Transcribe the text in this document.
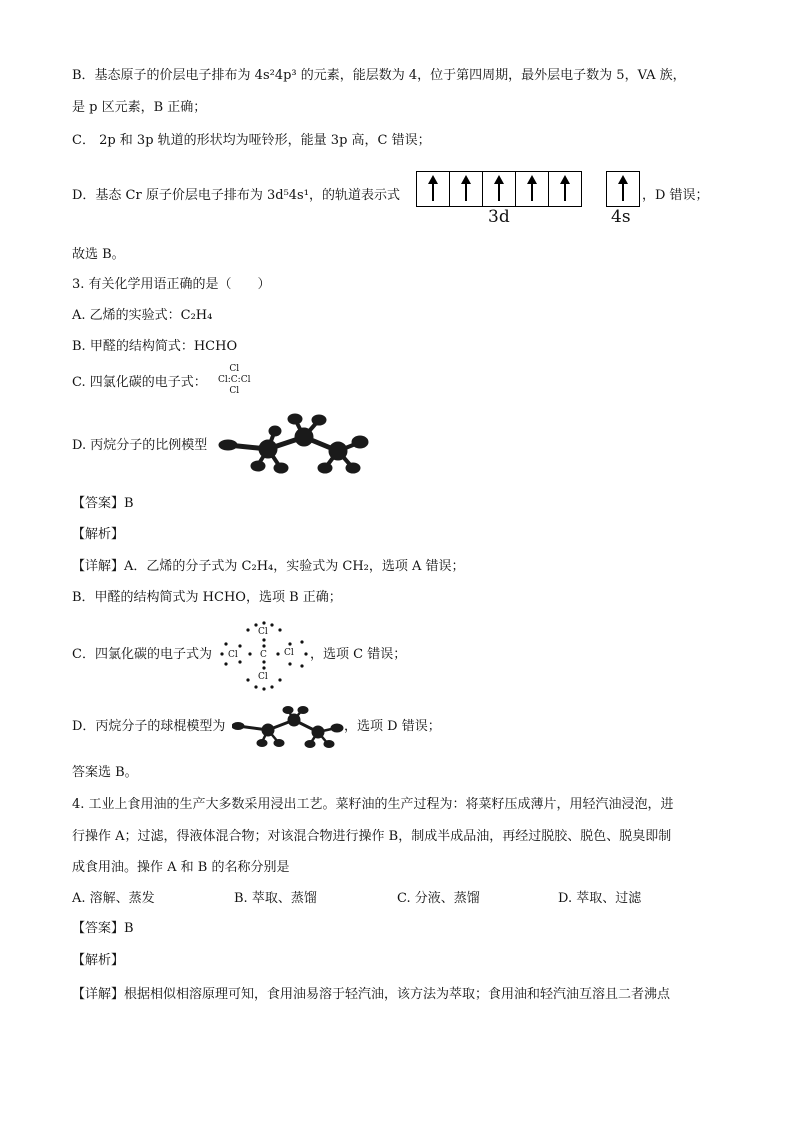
B．基态原子的价层电子排布为 4s²4p³ 的元素，能层数为 4，位于第四周期，最外层电子数为 5，VA 族，
是 p 区元素，B 正确；
C． 2p 和 3p 轨道的形状均为哑铃形，能量 3p 高，C 错误；
D．基态 Cr 原子价层电子排布为 3d⁵4s¹，的轨道表示式	，D 错误；
3d	4s
故选 B。
3. 有关化学用语正确的是（　　）
A. 乙烯的实验式：C₂H₄
B. 甲醛的结构简式：HCHO
C. 四氯化碳的电子式：
Cl
Cl:C:Cl
Cl
D. 丙烷分子的比例模型
【答案】B
【解析】
【详解】A．乙烯的分子式为 C₂H₄，实验式为 CH₂，选项 A 错误；
B．甲醛的结构简式为 HCHO，选项 B 正确；
C．四氯化碳的电子式为
Cl
Cl C Cl
Cl
，选项 C 错误；
D．丙烷分子的球棍模型为	，选项 D 错误；
答案选 B。
4. 工业上食用油的生产大多数采用浸出工艺。菜籽油的生产过程为：将菜籽压成薄片，用轻汽油浸泡，进
行操作 A；过滤，得液体混合物；对该混合物进行操作 B，制成半成品油，再经过脱胶、脱色、脱臭即制
成食用油。操作 A 和 B 的名称分别是
A. 溶解、蒸发	B. 萃取、蒸馏	C. 分液、蒸馏	D. 萃取、过滤
【答案】B
【解析】
【详解】根据相似相溶原理可知，食用油易溶于轻汽油，该方法为萃取；食用油和轻汽油互溶且二者沸点
